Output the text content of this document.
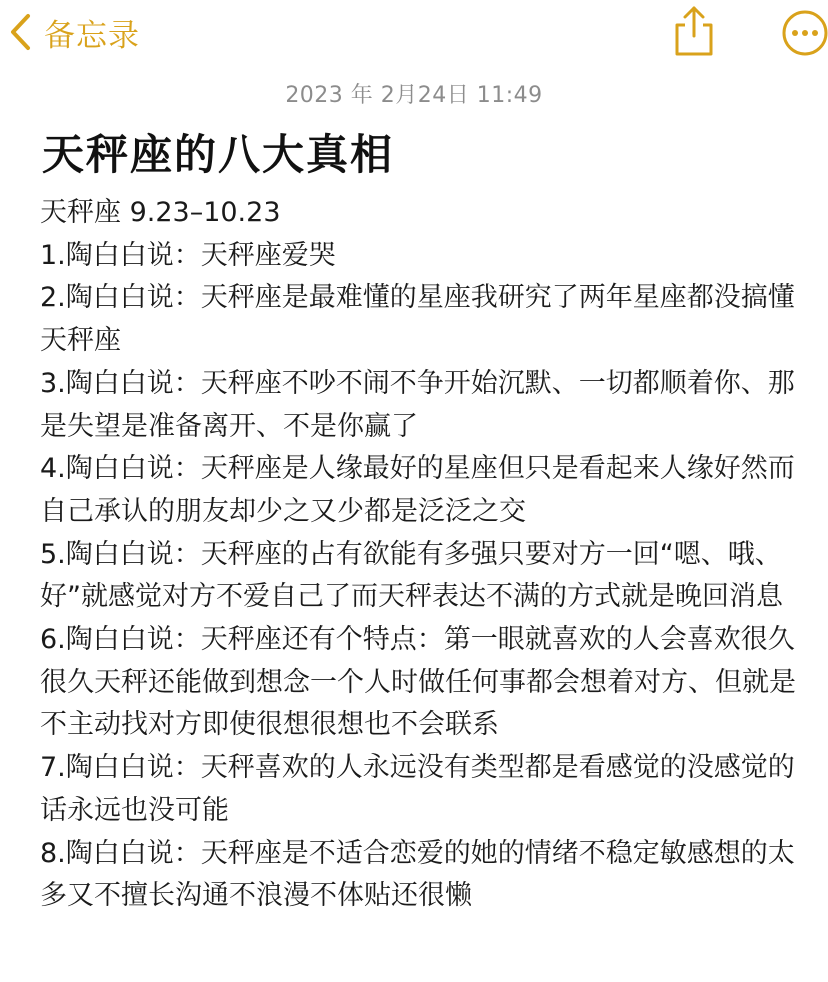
备忘录
2023 年 2月24日 11:49
天秤座的八大真相

天秤座 9.23–10.23

1.陶白白说：天秤座爱哭

2.陶白白说：天秤座是最难懂的星座我研究了两年星座都没搞懂天秤座

3.陶白白说：天秤座不吵不闹不争开始沉默、一切都顺着你、那是失望是准备离开、不是你赢了

4.陶白白说：天秤座是人缘最好的星座但只是看起来人缘好然而自己承认的朋友却少之又少都是泛泛之交

5.陶白白说：天秤座的占有欲能有多强只要对方一回“嗯、哦、好”就感觉对方不爱自己了而天秤表达不满的方式就是晚回消息

6.陶白白说：天秤座还有个特点：第一眼就喜欢的人会喜欢很久很久天秤还能做到想念一个人时做任何事都会想着对方、但就是不主动找对方即使很想很想也不会联系

7.陶白白说：天秤喜欢的人永远没有类型都是看感觉的没感觉的话永远也没可能

8.陶白白说：天秤座是不适合恋爱的她的情绪不稳定敏感想的太多又不擅长沟通不浪漫不体贴还很懒
